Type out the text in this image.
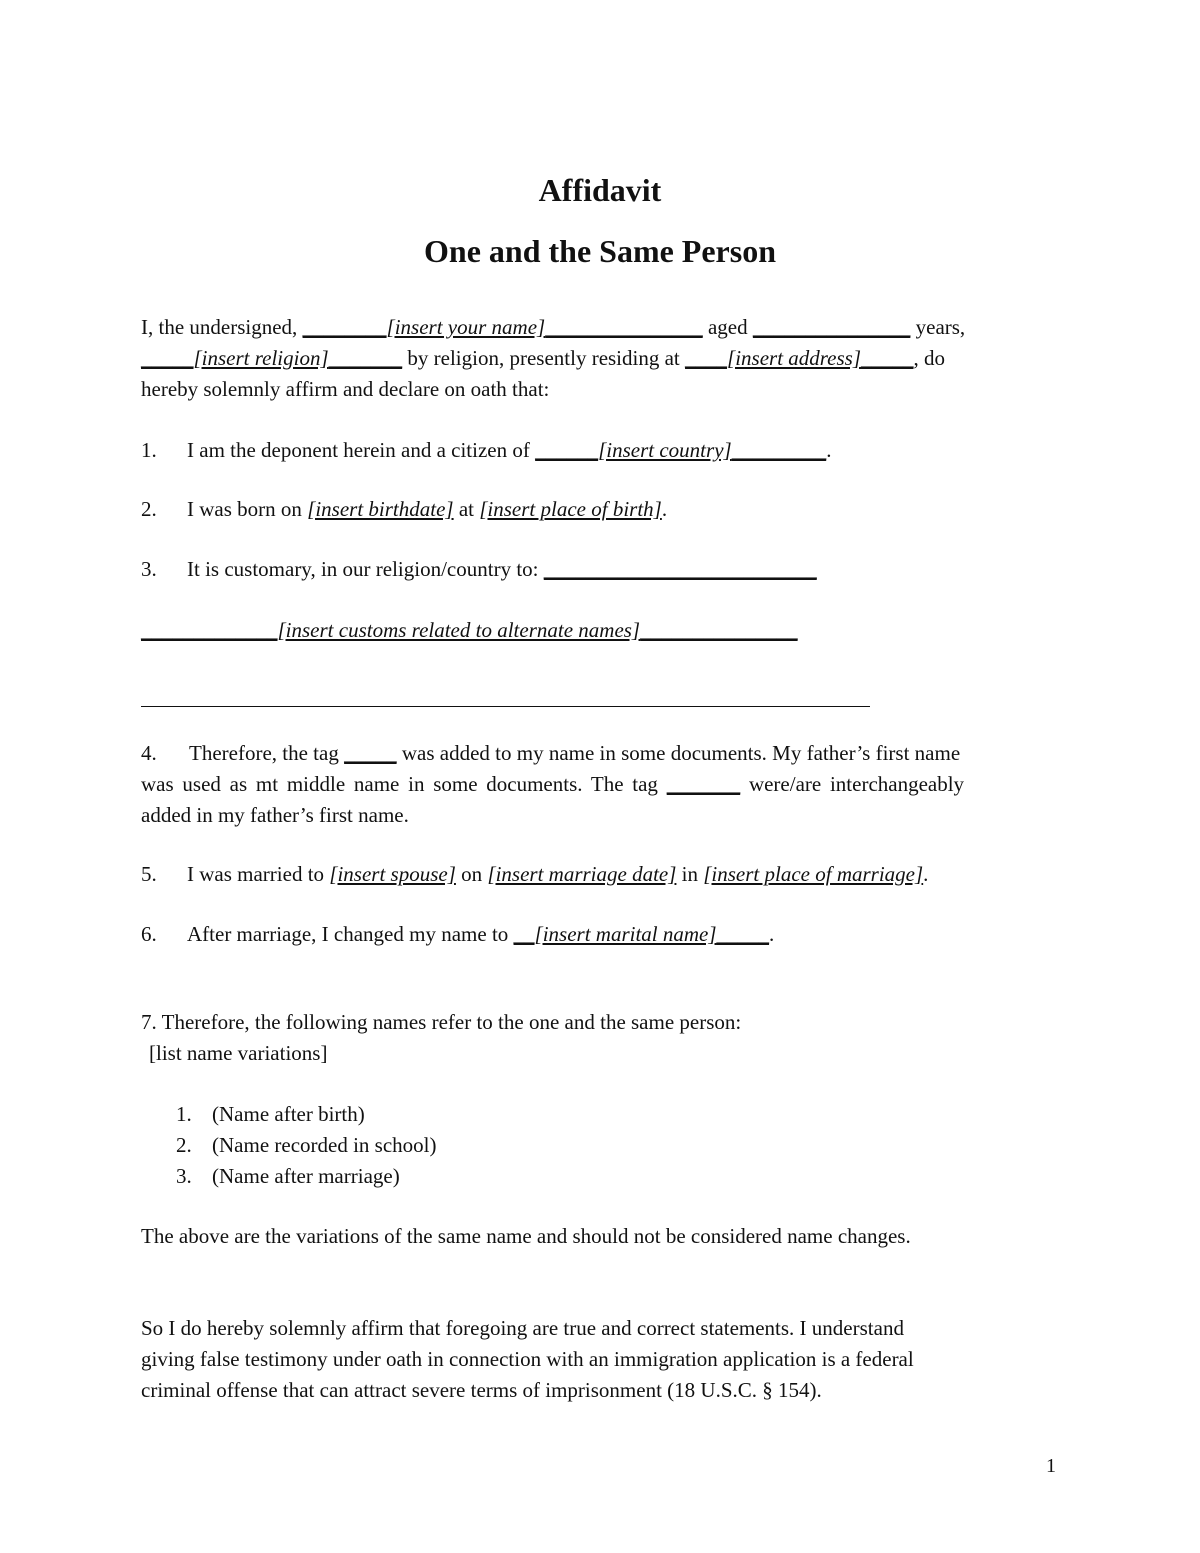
Affidavit
One and the Same Person
I, the undersigned, ________[insert your name]_______________ aged _______________ years,
_____[insert religion]_______ by religion, presently residing at ____[insert address]_____, do
hereby solemnly affirm and declare on oath that:
1. I am the deponent herein and a citizen of ______[insert country]_________.
2. I was born on [insert birthdate] at [insert place of birth].
3. It is customary, in our religion/country to: __________________________
_____________[insert customs related to alternate names]_______________
4. Therefore, the tag _____ was added to my name in some documents. My father’s first name
was used as mt middle name in some documents. The tag _______ were/are interchangeably
added in my father’s first name.
5. I was married to [insert spouse] on [insert marriage date] in [insert place of marriage].
6. After marriage, I changed my name to __[insert marital name]_____.
7. Therefore, the following names refer to the one and the same person:
[list name variations]
1. (Name after birth)
2. (Name recorded in school)
3. (Name after marriage)
The above are the variations of the same name and should not be considered name changes.
So I do hereby solemnly affirm that foregoing are true and correct statements. I understand
giving false testimony under oath in connection with an immigration application is a federal
criminal offense that can attract severe terms of imprisonment (18 U.S.C. § 154).
1
